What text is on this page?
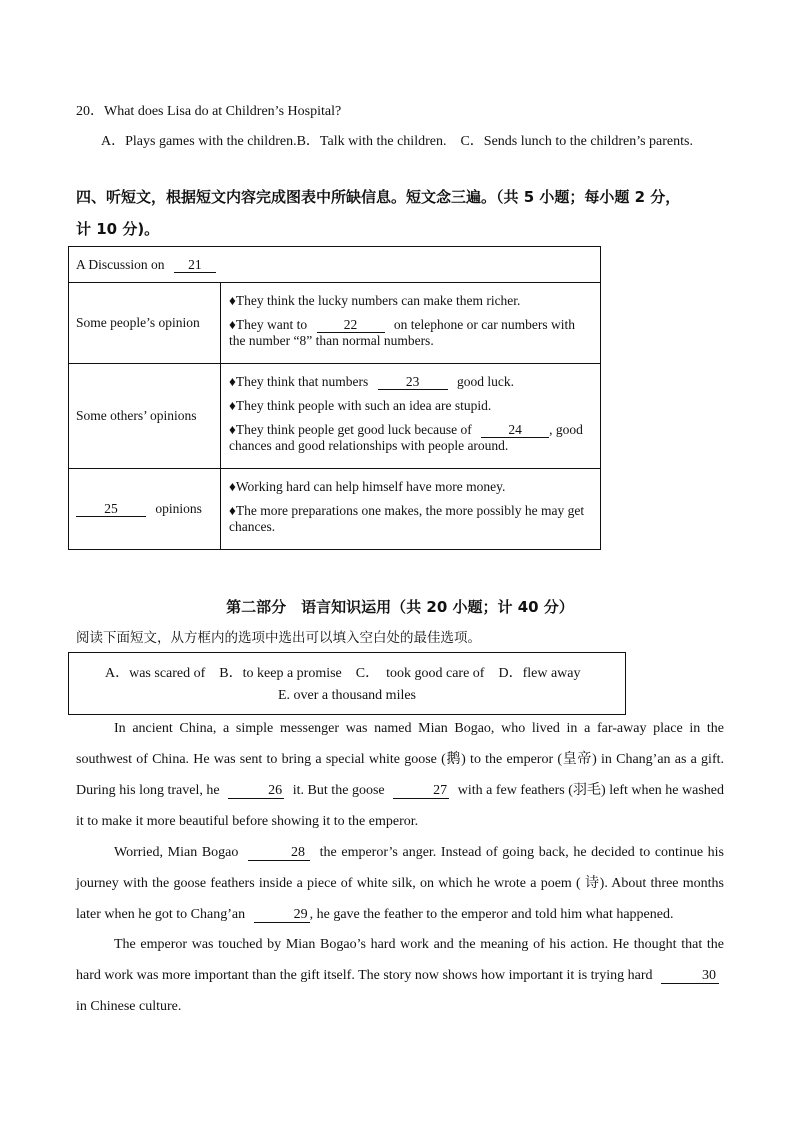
20．What does Lisa do at Children’s Hospital?
A．Plays games with the children.B．Talk with the children.    C．Sends lunch to the children’s parents.
四、听短文，根据短文内容完成图表中所缺信息。短文念三遍。（共 5 小题；每小题 2 分，
计 10 分)。
A Discussion on 21	
Some people’s opinion	♦They think the lucky numbers can make them richer.
♦They want to 22 on telephone or car numbers with the number “8” than normal numbers.

Some others’ opinions	♦They think that numbers 23 good luck.
♦They think people with such an idea are stupid.
♦They think people get good luck because of 24 , good chances and good relationships with people around.

25 opinions	♦Working hard can help himself have more money.
♦The more preparations one makes, the more possibly he may get chances.
第二部分　语言知识运用（共 20 小题；计 40 分）
阅读下面短文，从方框内的选项中选出可以填入空白处的最佳选项。
A．was scared of    B．to keep a promise    C．  took good care of    D．flew away
E. over a thousand miles
In ancient China, a simple messenger was named Mian Bogao, who lived in a far-away place in the southwest of China. He was sent to bring a special white goose (鹅) to the emperor (皇帝) in Chang’an as a gift. During his long travel, he	26 it. But the goose	27 with a few feathers (羽毛) left when he washed it to make it more beautiful before showing it to the emperor.
Worried, Mian Bogao	28 the emperor’s anger. Instead of going back, he decided to continue his journey with the goose feathers inside a piece of white silk, on which he wrote a poem ( 诗). About three months later when he got to Chang’an	29 , he gave the feather to the emperor and told him what happened.
The emperor was touched by Mian Bogao’s hard work and the meaning of his action. He thought that the hard work was more important than the gift itself. The story now shows how important it is trying hard	30 in Chinese culture.
